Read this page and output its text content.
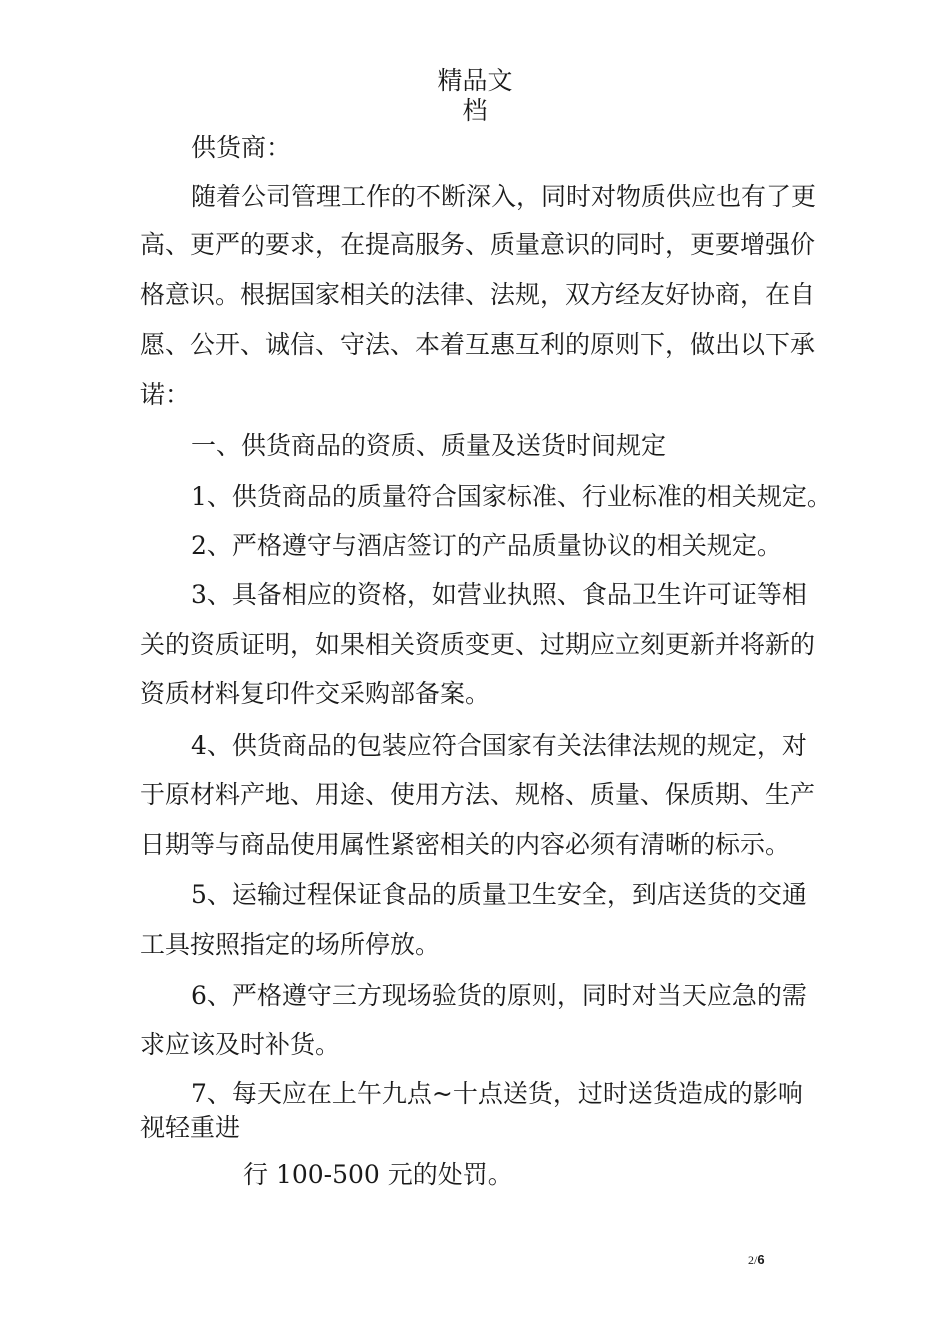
精品文
档
供货商：
随着公司管理工作的不断深入，同时对物质供应也有了更
高、更严的要求，在提高服务、质量意识的同时，更要增强价
格意识。根据国家相关的法律、法规，双方经友好协商，在自
愿、公开、诚信、守法、本着互惠互利的原则下，做出以下承
诺：
一、供货商品的资质、质量及送货时间规定
1、供货商品的质量符合国家标准、行业标准的相关规定。
2、严格遵守与酒店签订的产品质量协议的相关规定。
3、具备相应的资格，如营业执照、食品卫生许可证等相
关的资质证明，如果相关资质变更、过期应立刻更新并将新的
资质材料复印件交采购部备案。
4、供货商品的包装应符合国家有关法律法规的规定，对
于原材料产地、用途、使用方法、规格、质量、保质期、生产
日期等与商品使用属性紧密相关的内容必须有清晰的标示。
5、运输过程保证食品的质量卫生安全，到店送货的交通
工具按照指定的场所停放。
6、严格遵守三方现场验货的原则，同时对当天应急的需
求应该及时补货。
7、每天应在上午九点~十点送货，过时送货造成的影响
视轻重进
行 100-500 元的处罚。
2/6
